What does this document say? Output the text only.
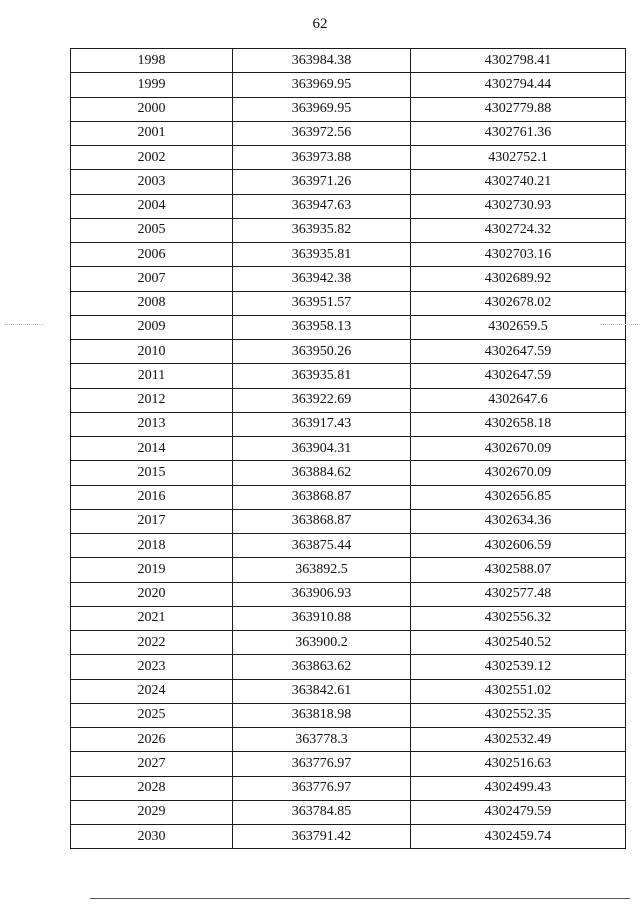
62
1998	363984.38	4302798.41
1999	363969.95	4302794.44
2000	363969.95	4302779.88
2001	363972.56	4302761.36
2002	363973.88	4302752.1
2003	363971.26	4302740.21
2004	363947.63	4302730.93
2005	363935.82	4302724.32
2006	363935.81	4302703.16
2007	363942.38	4302689.92
2008	363951.57	4302678.02
2009	363958.13	4302659.5
2010	363950.26	4302647.59
2011	363935.81	4302647.59
2012	363922.69	4302647.6
2013	363917.43	4302658.18
2014	363904.31	4302670.09
2015	363884.62	4302670.09
2016	363868.87	4302656.85
2017	363868.87	4302634.36
2018	363875.44	4302606.59
2019	363892.5	4302588.07
2020	363906.93	4302577.48
2021	363910.88	4302556.32
2022	363900.2	4302540.52
2023	363863.62	4302539.12
2024	363842.61	4302551.02
2025	363818.98	4302552.35
2026	363778.3	4302532.49
2027	363776.97	4302516.63
2028	363776.97	4302499.43
2029	363784.85	4302479.59
2030	363791.42	4302459.74
